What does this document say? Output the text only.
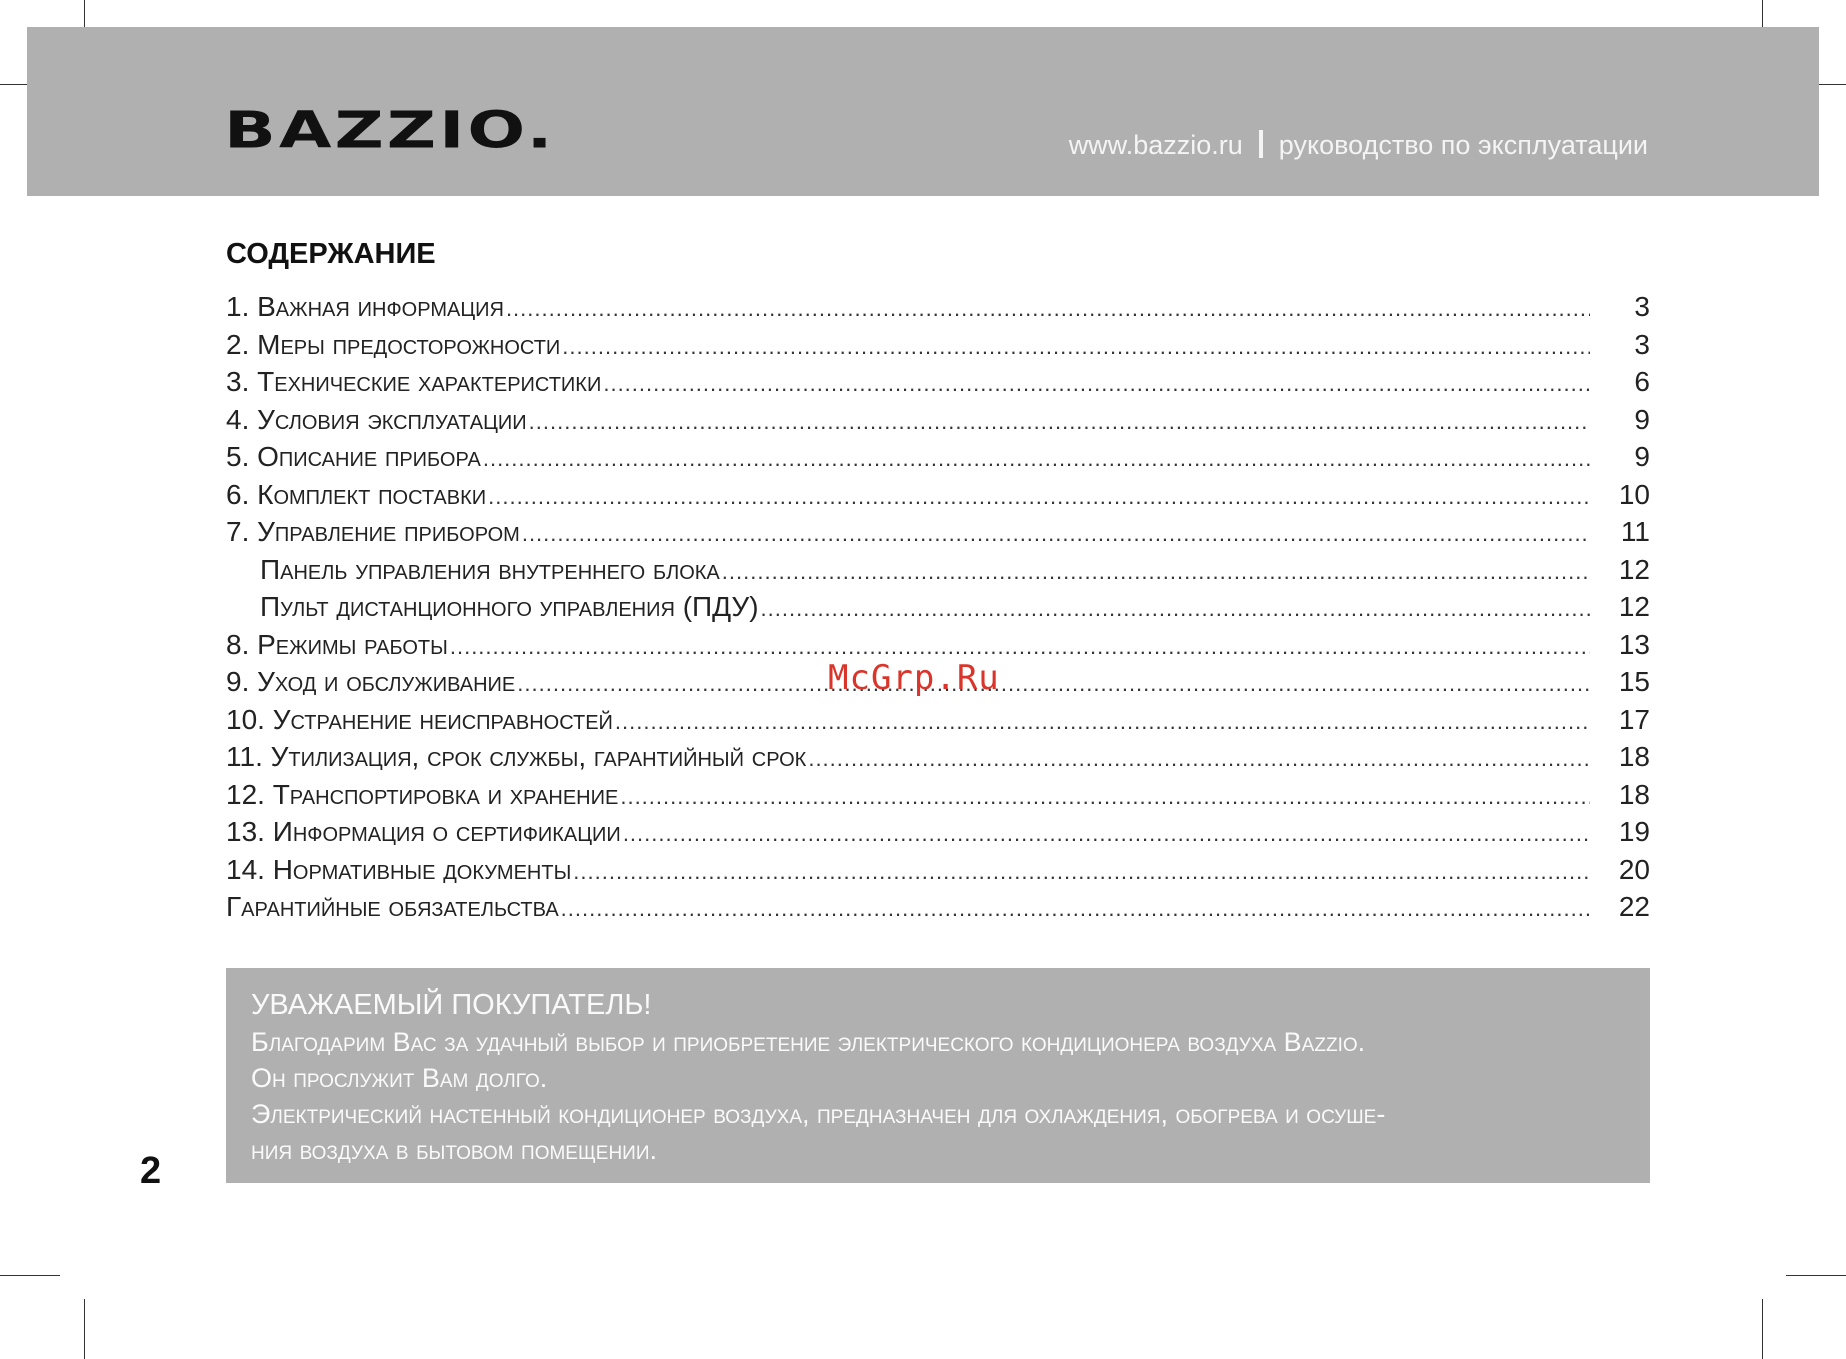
BAZZIO.	www.bazzio.ru руководство по эксплуатации
СОДЕРЖАНИЕ
1. Важная информация .....	3
2. Меры предосторожности .....	3
3. Технические характеристики .....	6
4. Условия эксплуатации .....	9
5. Описание прибора .....	9
6. Комплект поставки .....	10
7. Управление прибором .....	11
Панель управления внутреннего блока .....	12
Пульт дистанционного управления (ПДУ) .....	12
8. Режимы работы .....	13
9. Уход и обслуживание .....	15
10. Устранение неисправностей .....	17
11. Утилизация, срок службы, гарантийный срок .....	18
12. Транспортировка и хранение .....	18
13. Информация о сертификации .....	19
14. Нормативные документы .....	20
Гарантийные обязательства .....	22
McGrp.Ru
УВАЖАЕМЫЙ ПОКУПАТЕЛЬ!
Благодарим Вас за удачный выбор и приобретение электрического кондиционера воздуха Bazzio.
Он прослужит Вам долго.
Электрический настенный кондиционер воздуха, предназначен для охлаждения, обогрева и осуше-
ния воздуха в бытовом помещении.
2
